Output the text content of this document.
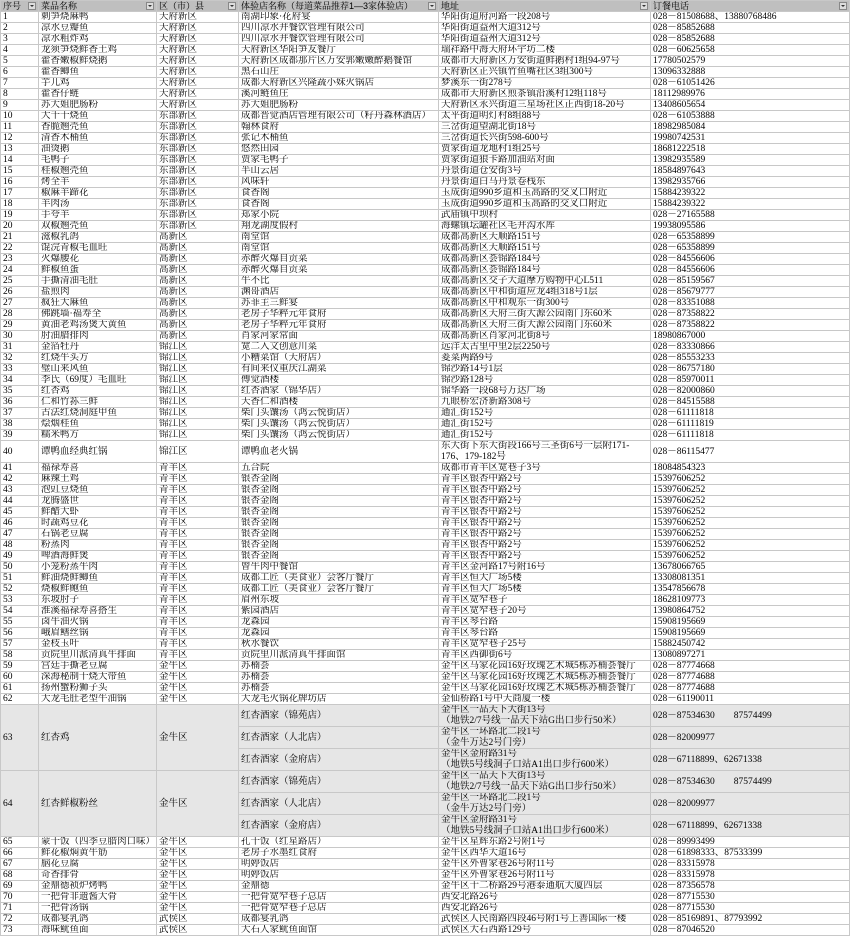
序号	菜品名称	区（市）县	体验店名称（每道菜品推荐1—3家体验店）	地址	订餐电话

1	刺笋烧麻鸭	天府新区	南湖印象·花府宴	华阳街道府河路一段208号	028－81508688、13880768486
2	凉水豆瓣鱼	天府新区	四川凉水井餐饮管理有限公司	华阳街道益州大道312号	028－85852688
3	凉水粗炸鸡	天府新区	四川凉水井餐饮管理有限公司	华阳街道益州大道312号	028－85852688
4	龙须笋烧鲜香土鸡	天府新区	天府新区华阳笋友餐厅	瑞祥路中海天府环宇坊二楼	028－60625658
5	藿香嫩椒鲜烧鹅	天府新区	天府新区成都那片区万安郭嫩嫩醉鹅餐馆	成都市天府新区万安街道鲜鹅村1组94-97号	17780502579
6	藿香鲫鱼	天府新区	黑石山庄	天府新区正兴镇竹鱼嘴社区3组300号	13096332888
7	芋儿鸡	天府新区	成都天府新区兴隆蔬小妹火锅店	梦溪东一街278号	028－61051426
8	藿香仔鲢	天府新区	溪河鲢鱼庄	成都市天府新区煎茶镇沿溪村12组118号	18112989976
9	苏大姐肥肠粉	天府新区	苏大姐肥肠粉	天府新区永兴街道三星场社区正西街18-20号	13408605654
10	大千干烧鱼	东部新区	成都晋觉酒店管理有限公司（籽丹森林酒店）	太平街道明灯村8组88号	028－61053888
11	香脆翘壳鱼	东部新区	翰林食府	三岔街道望湖北街18号	18982985084
12	清香木桶鱼	东部新区	张记木桶鱼	三岔街道长兴街598-600号	19980742531
13	油烫鹅	东部新区	悠然田园	贾家街道龙地村1组25号	18681222518
14	毛鸭子	东部新区	贾家毛鸭子	贾家街道狼卡路加油站对面	13982935589
15	桂椒翘壳鱼	东部新区	半山云居	丹景街道仓安街3号	18584897643
16	烤全羊	东部新区	风味轩	丹景街道白马丹景卷栈东	13982935766
17	椒麻羊蹄花	东部新区	食香阁	玉成街道990乡道和玉高路的交叉口附近	15884239322
18	羊肉汤	东部新区	食香阁	玉成街道990乡道和玉高路的交叉口附近	15884239322
19	手夸羊	东部新区	郑家小院	武庙镇中坝村	028－27165588
20	双椒翘壳鱼	东部新区	翔龙湖度假村	海螺镇坛罐社区毛井沟水库	19938095586
21	滋椒乳鸽	高新区	南堂馆	成都高新区天顺路151号	028－65358899
22	馄浣青椒毛血旺	高新区	南堂馆	成都高新区天顺路151号	028－65358899
23	火爆腰花	高新区	赤醉火爆自贡菜	成都高新区荟锦路184号	028－84556606
24	鲜椒鱼蛋	高新区	赤醉火爆自贡菜	成都高新区荟锦路184号	028－84556606
25	手撕清油毛肚	高新区	牛不比	成都高新区交子大道摩方购物中心L511	028－85159567
26	盐煎肉	高新区	渊哥酒店	成都高新区中和街道应龙4组318号1层	028－85679777
27	疯狂大麻鱼	高新区	苏菲主三鲜宴	成都高新区中和观东一街300号	028－83351088
28	佛跳墙·福寿全	高新区	老房子华粹元年食府	成都高新区天府三街大源公园南门东60米	028－87358822
29	黄油老鸡汤煲大黄鱼	高新区	老房子华粹元年食府	成都高新区天府三街大源公园南门东60米	028－87358822
30	肘油腊排肉	高新区	肖家河家常面	成都高新区肖家河北街8号	18980867000
31	金箔牡丹	锦江区	宽二入文创意川菜	远洋太古里中里2层2250号	028－83330866
32	红烧牛头方	锦江区	小糟菜馆（天府店）	菱菜两路9号	028－85553233
33	璧山来风鱼	锦江区	有间来仪重庆江湖菜	锦沙路14号1层	028－86757180
34	李氏（69度）毛血旺	锦江区	傅觉酒楼	锦沙路128号	028－85970011
35	红杏鸡	锦江区	红杏酒家（锦华店）	锦华路一段68号万达广场	028－82000860
36	仁和竹荪三鲜	锦江区	天香仁和酒楼	九眼桥宏济新路308号	028－84515588
37	古法红烧洞庭甲鱼	锦江区	柴门头馕汤（鸿云悦街店）	通汇街152号	028－61111818
38	烩烟桂鱼	锦江区	柴门头馕汤（鸿云悦街店）	通汇街152号	028－61111819
39	糯米鸭方	锦江区	柴门头馕汤（鸿云悦街店）	通汇街152号	028－61111818
40	谭鸭血经典红锅	锦江区	谭鸭血老火锅	东大街下东大街段166号三圣街6号一层附171-176、179-182号	028－86115477
41	福禄寿喜	青羊区	五合院	成都市青羊区宽巷子3号	18084854323
42	麻辣土鸡	青羊区	银杏金阁	青羊区银杏中路2号	15397606252
43	泡豇豆烧鱼	青羊区	银杏金阁	青羊区银杏中路2号	15397606252
44	龙腾盛世	青羊区	银杏金阁	青羊区银杏中路2号	15397606252
45	鲜醋大虾	青羊区	银杏金阁	青羊区银杏中路2号	15397606252
46	时蔬鸡豆花	青羊区	银杏金阁	青羊区银杏中路2号	15397606252
47	石锅老豆腐	青羊区	银杏金阁	青羊区银杏中路2号	15397606252
48	粉蒸肉	青羊区	银杏金阁	青羊区银杏中路2号	15397606252
49	啤酒海鲜煲	青羊区	银杏金阁	青羊区银杏中路2号	15397606252
50	小笼粉蒸牛肉	青羊区	曾牛肉中餐馆	青羊区金河路17号附16号	13678066765
51	鲜油烧鲜鲫鱼	青羊区	成都工匠（美食业）会客厅餐厅	青羊区恒大广场5楼	13308081351
52	烧椒鲜鲍鱼	青羊区	成都工匠（美食业）会客厅餐厅	青羊区恒大广场5楼	13547856678
53	东坡肘子	青羊区	眉州东坡	青羊区宽窄巷子	18628109773
54	淮溪福禄寿喜搭生	青羊区	紫园酒店	青羊区宽窄巷子20号	13980864752
55	卤牛油火锅	青羊区	龙森园	青羊区琴台路	15908195669
56	峨眉鳝丝锅	青羊区	龙森园	青羊区琴台路	15908195669
57	金枝玉叶	青羊区	秋水餐饮	青羊区宽窄巷子25号	15882450742
58	贡院里川派清真牛排面	青羊区	贡院里川派清真牛排面馆	青羊区西御街6号	13080897271
59	宫廷手撕老豆腐	金牛区	苏楠荟	金牛区马家花园16好玫瑰艺术城5栋苏楠荟餐厅	028－87774668
60	深海秘制干烧大带鱼	金牛区	苏楠荟	金牛区马家花园16好玫瑰艺术城5栋苏楠荟餐厅	028－87774688
61	扬州蟹粉狮子头	金牛区	苏楠荟	金牛区马家花园16好玫瑰艺术城5栋苏楠荟餐厅	028－87774688
62	大龙毛肚老型牛油锅	金牛区	大龙毛火锅花牌坊店	金仙桥路1号中天商厦一楼	028－61190011
63	红杏鸡	金牛区	红杏酒家（锦苑店）	金牛区一品天下大街13号
（地铁2/7号线一品天下站G出口步行50米）	028－87534630　　87574499
			红杏酒家（人北店）	金牛区一环路北二段1号
（金牛万达2号门旁）	028－82009977
			红杏酒家（金府店）	金牛区金府路31号
（地铁5号线洞子口站A1出口步行600米）	028－67118899、62671338
64	红杏鲜椒粉丝	金牛区	红杏酒家（锦苑店）	金牛区一品天下大街13号
（地铁2/7号线一品天下站G出口步行50米）	028－87534630　　87574499
			红杏酒家（人北店）	金牛区一环路北二段1号
（金牛万达2号门旁）	028－82009977
			红杏酒家（金府店）	金牛区金府路31号
（地铁5号线洞子口站A1出口步行600米）	028－67118899、62671338
65	蒙干饭（四季豆腊肉口味）	金牛区	孔干饭（红星路店）	金牛区星辉东路2号附1号	028－89993499
66	鲜花椒焖黄牛筋	金牛区	老房子水墨红食府	金牛区西华大道16号	028－61898333、87533399
67	脑花豆腐	金牛区	明婷饭店	金牛区外曹家巷26号附11号	028－83315978
68	奇香排骨	金牛区	明婷饭店	金牛区外曹家巷26号附11号	028－83315978
69	金鼎德祯炉烤鸭	金牛区	金鼎德	金牛区十二桥路29号港泰通航大厦四层	028－87356578
70	一把骨非遗酱大骨	金牛区	一把骨宽窄巷子总店	西安北路26号	028－87715530
71	一把骨汤锅	金牛区	一把骨宽窄巷子总店	西安北路26号	028－87715530
72	成都宴乳鸽	武侯区	成都宴乳鸽	武侯区人民南路四段46号附1号上善国际一楼	028－85169891、87793992
73	海味鱿鱼面	武侯区	大石人家鱿鱼面馆	武侯区大石西路129号	028－87046520
